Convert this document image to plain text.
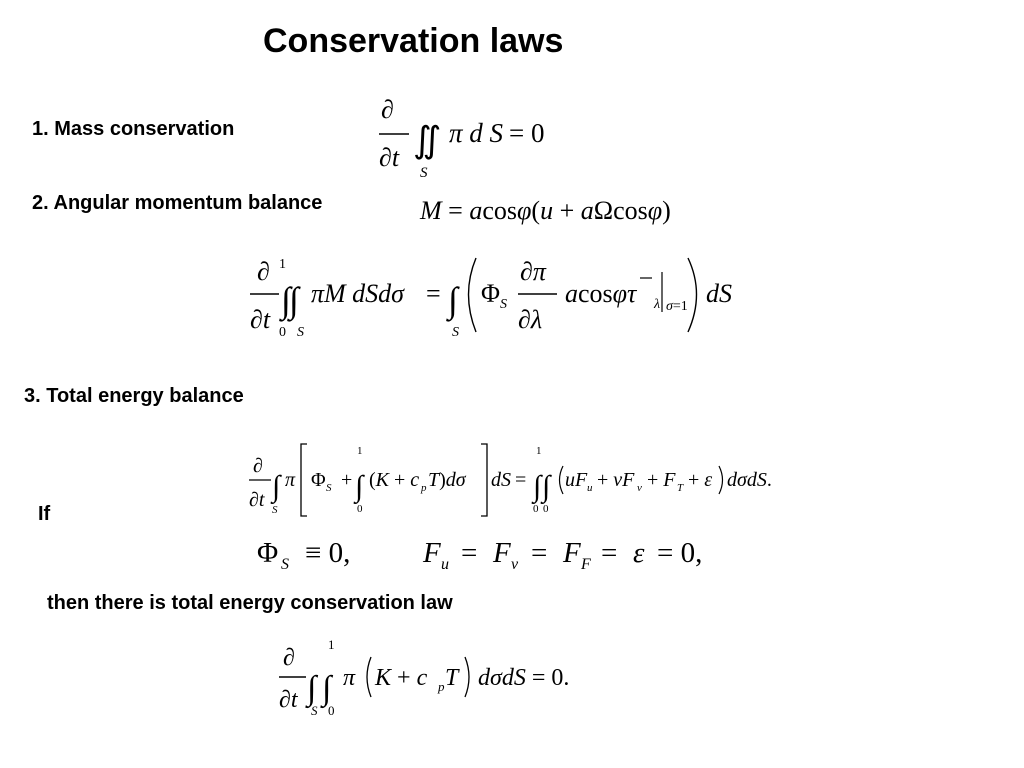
Conservation laws
1. Mass conservation
∂
∂t ∬
S
π d S = 0
2. Angular momentum balance	M = acosφ(u + aΩcosφ)
∂
∂t
1
∫
0
∫
S
πM dSdσ = ∫
S
Φ S
∂π
∂λ
acosφτ λ σ=1 dS
3. Total energy balance
∂
∂t ∫
S
π Φ S +
1
∫
0
(K + c p T)dσ dS =
1
∫
0
∫
0
uF u + vF v + F T + ε dσdS.
If
Φ S ≡ 0,	F u = F v = F F = ε = 0,
then there is total energy conservation law
∂
∂t ∫
S
1
∫
0
π K + c p T dσdS = 0.
